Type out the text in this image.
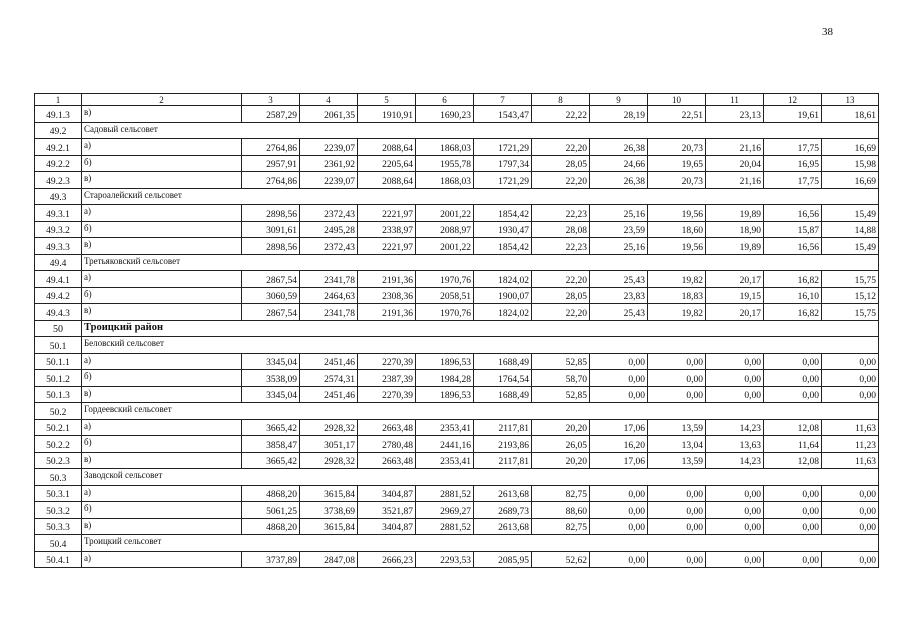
38
1	2	3	4	5	6	7	8	9	10	11	12	13
49.1.3	в)	2587,29	2061,35	1910,91	1690,23	1543,47	22,22	28,19	22,51	23,13	19,61	18,61
49.2	Садовый сельсовет											
49.2.1	а)	2764,86	2239,07	2088,64	1868,03	1721,29	22,20	26,38	20,73	21,16	17,75	16,69
49.2.2	б)	2957,91	2361,92	2205,64	1955,78	1797,34	28,05	24,66	19,65	20,04	16,95	15,98
49.2.3	в)	2764,86	2239,07	2088,64	1868,03	1721,29	22,20	26,38	20,73	21,16	17,75	16,69
49.3	Староалейский сельсовет											
49.3.1	а)	2898,56	2372,43	2221,97	2001,22	1854,42	22,23	25,16	19,56	19,89	16,56	15,49
49.3.2	б)	3091,61	2495,28	2338,97	2088,97	1930,47	28,08	23,59	18,60	18,90	15,87	14,88
49.3.3	в)	2898,56	2372,43	2221,97	2001,22	1854,42	22,23	25,16	19,56	19,89	16,56	15,49
49.4	Третьяковский сельсовет											
49.4.1	а)	2867,54	2341,78	2191,36	1970,76	1824,02	22,20	25,43	19,82	20,17	16,82	15,75
49.4.2	б)	3060,59	2464,63	2308,36	2058,51	1900,07	28,05	23,83	18,83	19,15	16,10	15,12
49.4.3	в)	2867,54	2341,78	2191,36	1970,76	1824,02	22,20	25,43	19,82	20,17	16,82	15,75
50	Троицкий район											
50.1	Беловский сельсовет											
50.1.1	а)	3345,04	2451,46	2270,39	1896,53	1688,49	52,85	0,00	0,00	0,00	0,00	0,00
50.1.2	б)	3538,09	2574,31	2387,39	1984,28	1764,54	58,70	0,00	0,00	0,00	0,00	0,00
50.1.3	в)	3345,04	2451,46	2270,39	1896,53	1688,49	52,85	0,00	0,00	0,00	0,00	0,00
50.2	Гордеевский сельсовет											
50.2.1	а)	3665,42	2928,32	2663,48	2353,41	2117,81	20,20	17,06	13,59	14,23	12,08	11,63
50.2.2	б)	3858,47	3051,17	2780,48	2441,16	2193,86	26,05	16,20	13,04	13,63	11,64	11,23
50.2.3	в)	3665,42	2928,32	2663,48	2353,41	2117,81	20,20	17,06	13,59	14,23	12,08	11,63
50.3	Заводской сельсовет											
50.3.1	а)	4868,20	3615,84	3404,87	2881,52	2613,68	82,75	0,00	0,00	0,00	0,00	0,00
50.3.2	б)	5061,25	3738,69	3521,87	2969,27	2689,73	88,60	0,00	0,00	0,00	0,00	0,00
50.3.3	в)	4868,20	3615,84	3404,87	2881,52	2613,68	82,75	0,00	0,00	0,00	0,00	0,00
50.4	Троицкий сельсовет											
50.4.1	а)	3737,89	2847,08	2666,23	2293,53	2085,95	52,62	0,00	0,00	0,00	0,00	0,00
